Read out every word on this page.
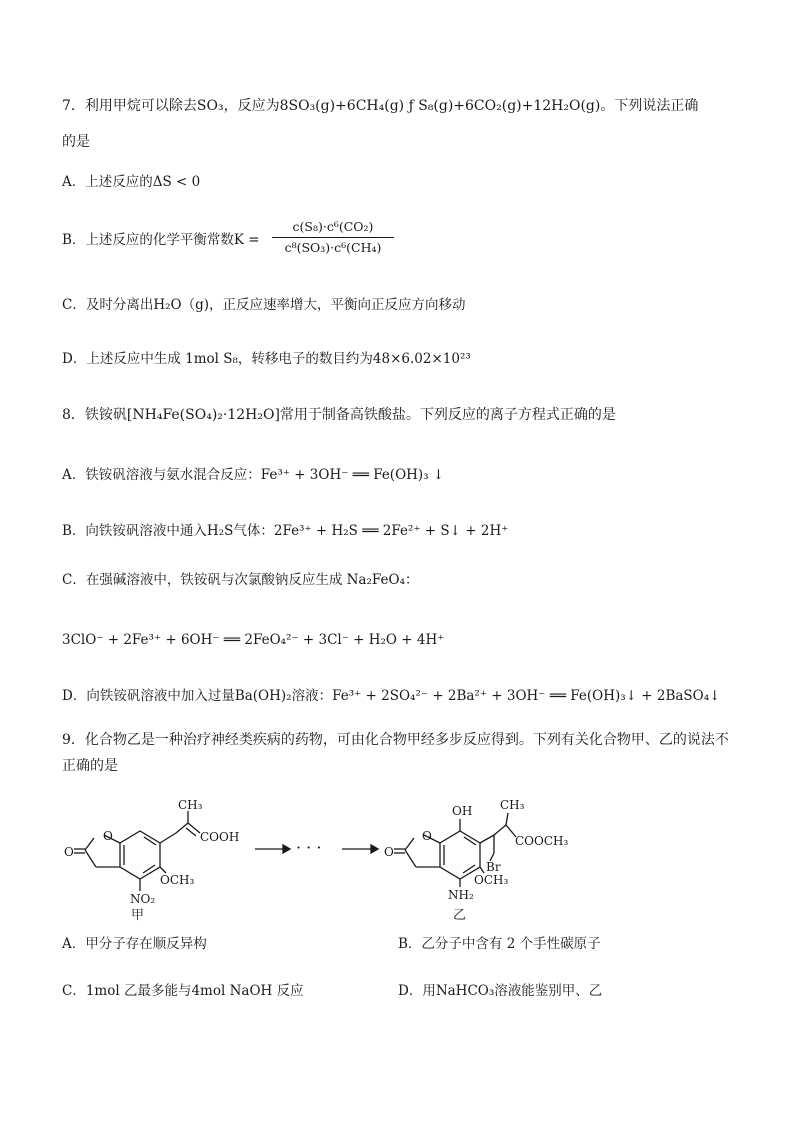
7．利用甲烷可以除去SO₃，反应为8SO₃(g)+6CH₄(g) ƒ S₈(g)+6CO₂(g)+12H₂O(g)。下列说法正确
的是
A．上述反应的ΔS < 0
B．上述反应的化学平衡常数K =
c(S₈)·c⁶(CO₂)
c⁸(SO₃)·c⁶(CH₄)
C．及时分离出H₂O（g)，正反应速率增大，平衡向正反应方向移动
D．上述反应中生成 1mol S₈，转移电子的数目约为48×6.02×10²³
8．铁铵矾[NH₄Fe(SO₄)₂·12H₂O]常用于制备高铁酸盐。下列反应的离子方程式正确的是
A．铁铵矾溶液与氨水混合反应：Fe³⁺ + 3OH⁻ ══ Fe(OH)₃ ↓
B．向铁铵矾溶液中通入H₂S气体：2Fe³⁺ + H₂S ══ 2Fe²⁺ + S↓ + 2H⁺
C．在强碱溶液中，铁铵矾与次氯酸钠反应生成 Na₂FeO₄：
3ClO⁻ + 2Fe³⁺ + 6OH⁻ ══ 2FeO₄²⁻ + 3Cl⁻ + H₂O + 4H⁺
D．向铁铵矾溶液中加入过量Ba(OH)₂溶液：Fe³⁺ + 2SO₄²⁻ + 2Ba²⁺ + 3OH⁻ ══ Fe(OH)₃↓ + 2BaSO₄↓
9．化合物乙是一种治疗神经类疾病的药物，可由化合物甲经多步反应得到。下列有关化合物甲、乙的说法不
正确的是
O
O
CH₃
COOH
OCH₃
NO₂
甲
· · ·
O
O
OH CH₃
COOCH₃
Br
OCH₃
NH₂
乙
A．甲分子存在顺反异构	B．乙分子中含有 2 个手性碳原子
C．1mol 乙最多能与4mol NaOH 反应	D．用NaHCO₃溶液能鉴别甲、乙
